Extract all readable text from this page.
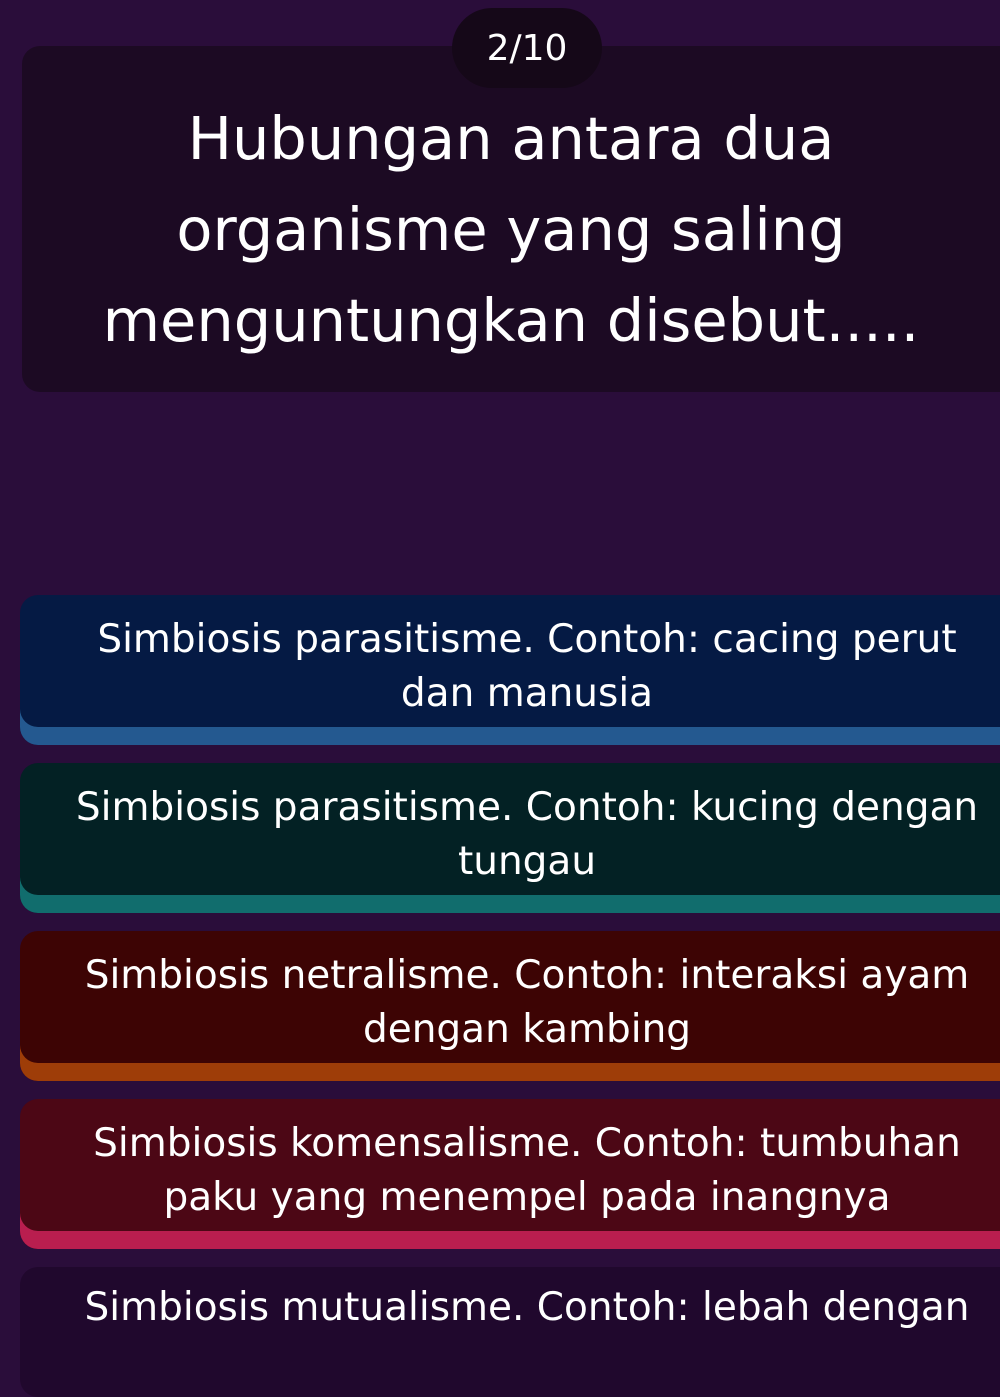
2/10
Hubungan antara dua
organisme yang saling
menguntungkan disebut.....
Simbiosis parasitisme. Contoh: cacing perut
dan manusia
Simbiosis parasitisme. Contoh: kucing dengan
tungau
Simbiosis netralisme. Contoh: interaksi ayam
dengan kambing
Simbiosis komensalisme. Contoh: tumbuhan
paku yang menempel pada inangnya
Simbiosis mutualisme. Contoh: lebah dengan
